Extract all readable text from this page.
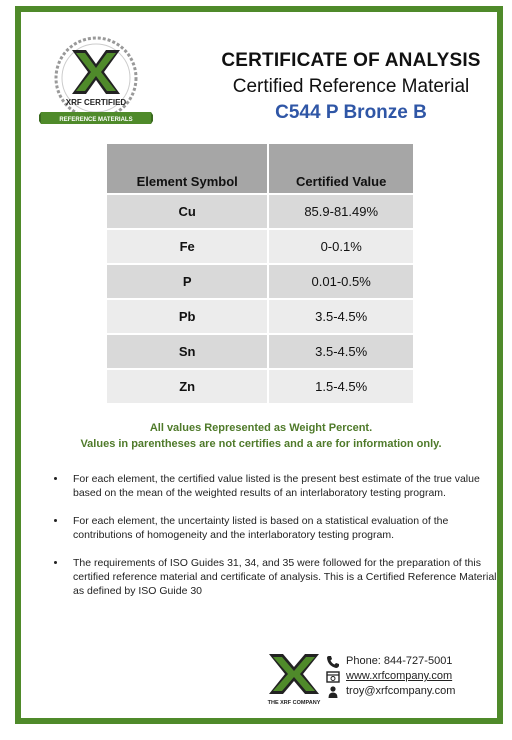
XRF CERTIFIED
REFERENCE MATERIALS
CERTIFICATE OF ANALYSIS
Certified Reference Material
C544 P Bronze B
Element Symbol	Certified Value
Cu	85.9-81.49%
Fe	0-0.1%
P	0.01-0.5%
Pb	3.5-4.5%
Sn	3.5-4.5%
Zn	1.5-4.5%
All values Represented as Weight Percent.
Values in parentheses are not certifies and a are for information only.
• For each element, the certified value listed is the present best estimate of the true value based on the mean of the weighted results of an interlaboratory testing program.
• For each element, the uncertainty listed is based on a statistical evaluation of the contributions of homogeneity and the interlaboratory testing program.
• The requirements of ISO Guides 31, 34, and 35 were followed for the preparation of this certified reference material and certificate of analysis. This is a Certified Reference Material as defined by ISO Guide 30
THE XRF COMPANY
Phone: 844-727-5001
www.xrfcompany.com
troy@xrfcompany.com
